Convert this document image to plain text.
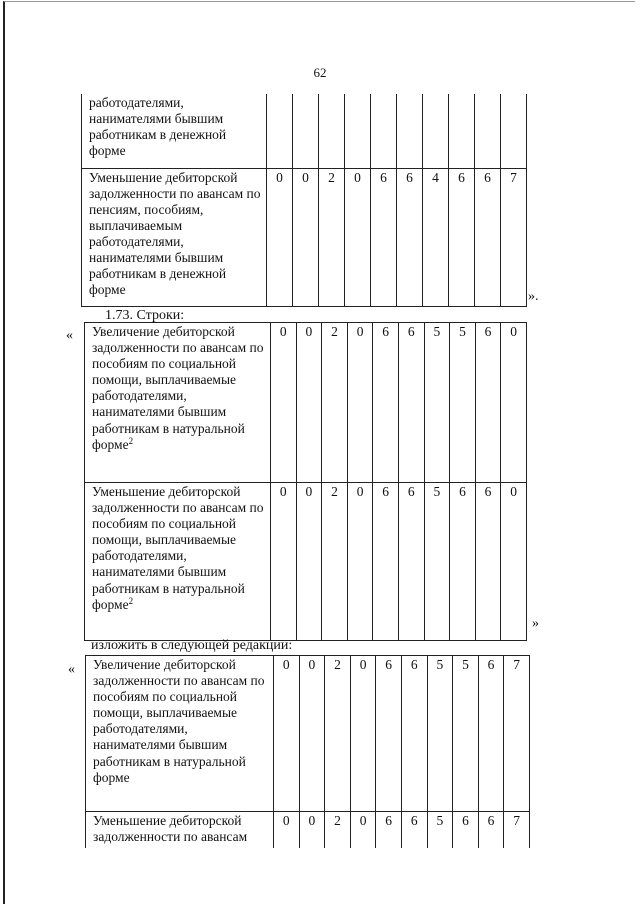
62
работодателями, нанимателями бывшим работникам в денежной форме										
Уменьшение дебиторской задолженности по авансам по пенсиям, пособиям, выплачиваемым работодателями, нанимателями бывшим работникам в денежной форме	0	0	2	0	6	6	4	6	6	7
».
1.73. Строки:
« Увеличение дебиторской задолженности по авансам по пособиям по социальной помощи, выплачиваемые работодателями, нанимателями бывшим работникам в натуральной форме$^2$	0	0	2	0	6	6	5	5	6	0
Уменьшение дебиторской задолженности по авансам по пособиям по социальной помощи, выплачиваемые работодателями, нанимателями бывшим работникам в натуральной форме$^2$	0	0	2	0	6	6	5	6	6	0
»
изложить в следующей редакции:
« Увеличение дебиторской задолженности по авансам по пособиям по социальной помощи, выплачиваемые работодателями, нанимателями бывшим работникам в натуральной форме	0	0	2	0	6	6	5	5	6	7
Уменьшение дебиторской задолженности по авансам	0	0	2	0	6	6	5	6	6	7
